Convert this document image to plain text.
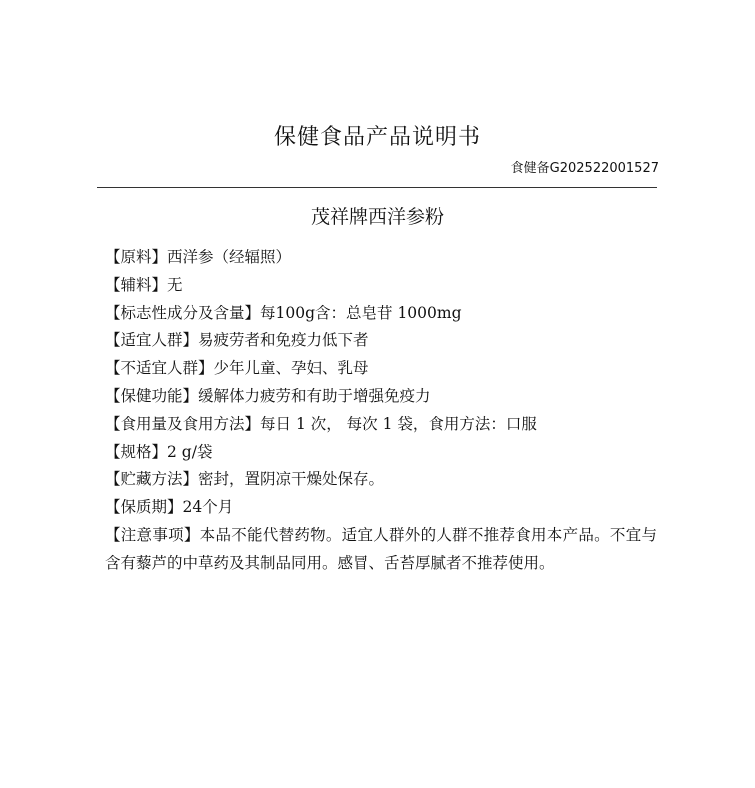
保健食品产品说明书
食健备G202522001527
茂祥牌西洋参粉
【原料】西洋参（经辐照）
【辅料】无
【标志性成分及含量】每100g含：总皂苷 1000mg
【适宜人群】易疲劳者和免疫力低下者
【不适宜人群】少年儿童、孕妇、乳母
【保健功能】缓解体力疲劳和有助于增强免疫力
【食用量及食用方法】每日 1 次， 每次 1 袋，食用方法：口服
【规格】2 g/袋
【贮藏方法】密封，置阴凉干燥处保存。
【保质期】24个月
【注意事项】本品不能代替药物。适宜人群外的人群不推荐食用本产品。不宜与含有藜芦的中草药及其制品同用。感冒、舌苔厚腻者不推荐使用。
